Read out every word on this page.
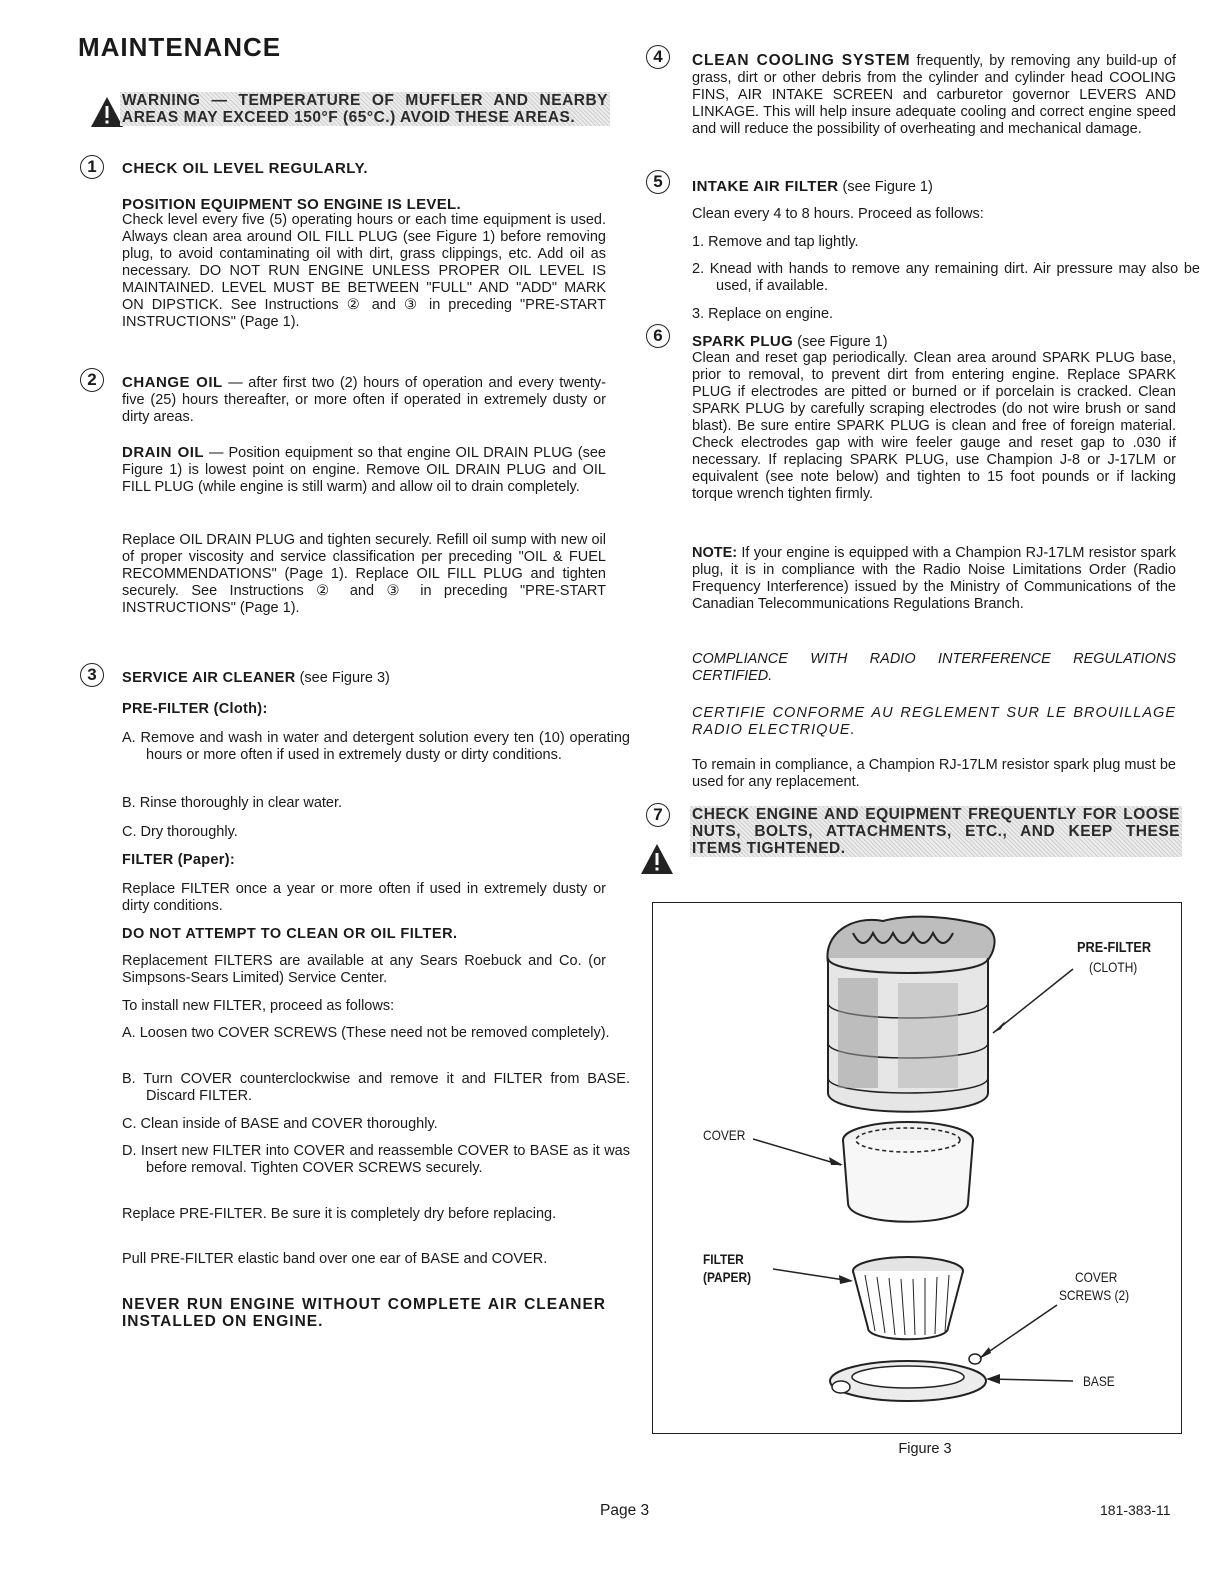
MAINTENANCE
WARNING — TEMPERATURE OF MUFFLER AND NEARBY AREAS MAY EXCEED 150°F (65°C.) AVOID THESE AREAS.
1	CHECK OIL LEVEL REGULARLY.
POSITION EQUIPMENT SO ENGINE IS LEVEL.
Check level every five (5) operating hours or each time equipment is used. Always clean area around OIL FILL PLUG (see Figure 1) before removing plug, to avoid contaminating oil with dirt, grass clippings, etc. Add oil as necessary. DO NOT RUN ENGINE UNLESS PROPER OIL LEVEL IS MAINTAINED. LEVEL MUST BE BETWEEN "FULL" AND "ADD" MARK ON DIPSTICK. See Instructions ② and ③ in preceding "PRE-START INSTRUCTIONS" (Page 1).
2	CHANGE OIL — after first two (2) hours of operation and every twenty-five (25) hours thereafter, or more often if operated in extremely dusty or dirty areas.
DRAIN OIL — Position equipment so that engine OIL DRAIN PLUG (see Figure 1) is lowest point on engine. Remove OIL DRAIN PLUG and OIL FILL PLUG (while engine is still warm) and allow oil to drain completely.
Replace OIL DRAIN PLUG and tighten securely. Refill oil sump with new oil of proper viscosity and service classification per preceding "OIL & FUEL RECOMMENDATIONS" (Page 1). Replace OIL FILL PLUG and tighten securely. See Instructions ② and ③ in preceding "PRE-START INSTRUCTIONS" (Page 1).
3	SERVICE AIR CLEANER (see Figure 3)
PRE-FILTER (Cloth):
A. Remove and wash in water and detergent solution every ten (10) operating hours or more often if used in extremely dusty or dirty conditions.
B. Rinse thoroughly in clear water.
C. Dry thoroughly.
FILTER (Paper):
Replace FILTER once a year or more often if used in extremely dusty or dirty conditions.
DO NOT ATTEMPT TO CLEAN OR OIL FILTER.
Replacement FILTERS are available at any Sears Roebuck and Co. (or Simpsons-Sears Limited) Service Center.
To install new FILTER, proceed as follows:
A. Loosen two COVER SCREWS (These need not be removed completely).
B. Turn COVER counterclockwise and remove it and FILTER from BASE. Discard FILTER.
C. Clean inside of BASE and COVER thoroughly.
D. Insert new FILTER into COVER and reassemble COVER to BASE as it was before removal. Tighten COVER SCREWS securely.
Replace PRE-FILTER. Be sure it is completely dry before replacing.
Pull PRE-FILTER elastic band over one ear of BASE and COVER.
NEVER RUN ENGINE WITHOUT COMPLETE AIR CLEANER INSTALLED ON ENGINE.
4	CLEAN COOLING SYSTEM frequently, by removing any build-up of grass, dirt or other debris from the cylinder and cylinder head COOLING FINS, AIR INTAKE SCREEN and carburetor governor LEVERS AND LINKAGE. This will help insure adequate cooling and correct engine speed and will reduce the possibility of overheating and mechanical damage.
5	INTAKE AIR FILTER (see Figure 1)
Clean every 4 to 8 hours. Proceed as follows:
1. Remove and tap lightly.
2. Knead with hands to remove any remaining dirt. Air pressure may also be used, if available.
3. Replace on engine.
6	SPARK PLUG (see Figure 1)
Clean and reset gap periodically. Clean area around SPARK PLUG base, prior to removal, to prevent dirt from entering engine. Replace SPARK PLUG if electrodes are pitted or burned or if porcelain is cracked. Clean SPARK PLUG by carefully scraping electrodes (do not wire brush or sand blast). Be sure entire SPARK PLUG is clean and free of foreign material. Check electrodes gap with wire feeler gauge and reset gap to .030 if necessary. If replacing SPARK PLUG, use Champion J-8 or J-17LM or equivalent (see note below) and tighten to 15 foot pounds or if lacking torque wrench tighten firmly.
NOTE: If your engine is equipped with a Champion RJ-17LM resistor spark plug, it is in compliance with the Radio Noise Limitations Order (Radio Frequency Interference) issued by the Ministry of Communications of the Canadian Telecommunications Regulations Branch.
COMPLIANCE WITH RADIO INTERFERENCE REGULATIONS CERTIFIED.
CERTIFIE CONFORME AU REGLEMENT SUR LE BROUILLAGE RADIO ELECTRIQUE.
To remain in compliance, a Champion RJ-17LM resistor spark plug must be used for any replacement.
7	CHECK ENGINE AND EQUIPMENT FREQUENTLY FOR LOOSE NUTS, BOLTS, ATTACHMENTS, ETC., AND KEEP THESE ITEMS TIGHTENED.
PRE-FILTER
(CLOTH)
COVER
FILTER
(PAPER)	COVER
SCREWS (2)
BASE
Figure 3
Page 3	181-383-11
